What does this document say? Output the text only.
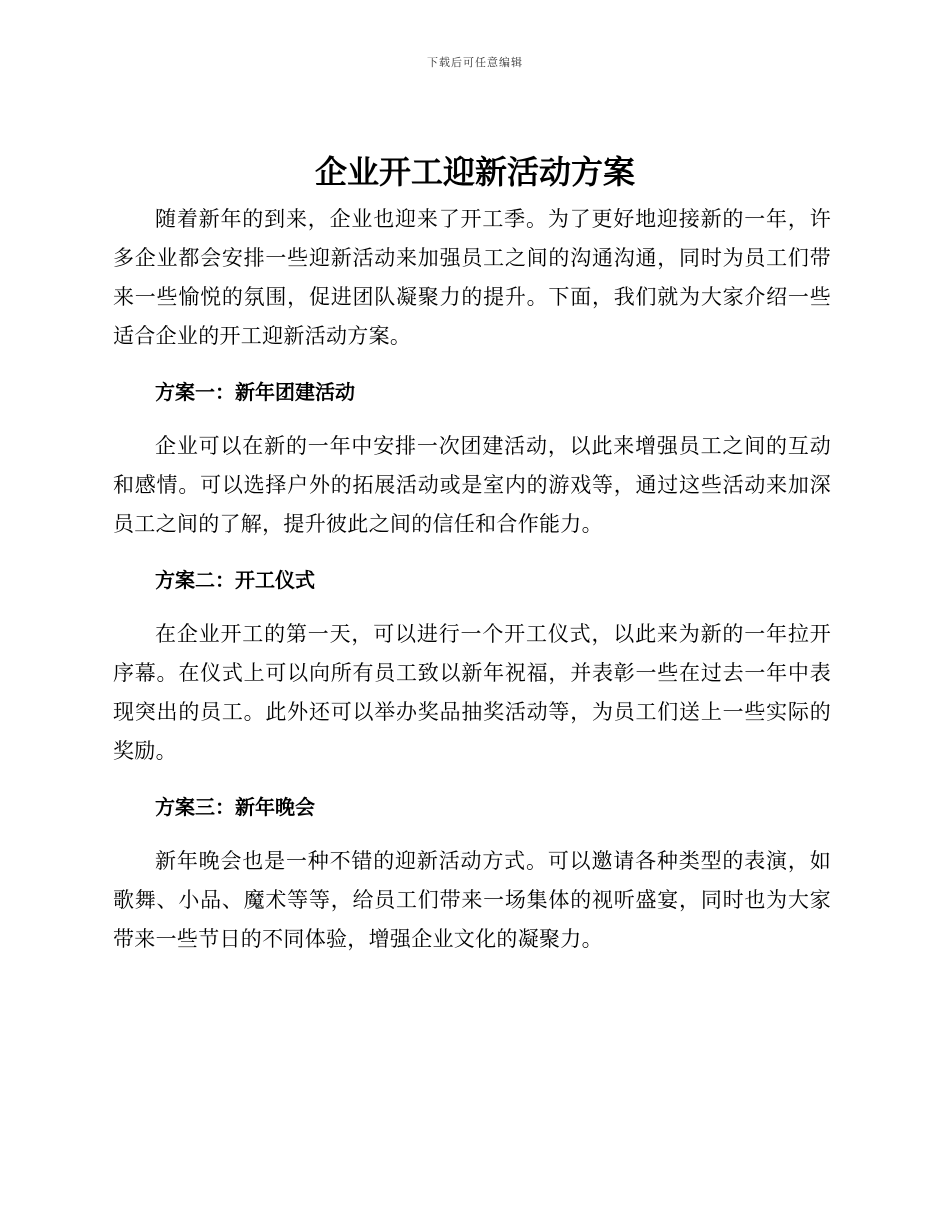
下载后可任意编辑
企业开工迎新活动方案

随着新年的到来，企业也迎来了开工季。为了更好地迎接新的一年，许多企业都会安排一些迎新活动来加强员工之间的沟通沟通，同时为员工们带来一些愉悦的氛围，促进团队凝聚力的提升。下面，我们就为大家介绍一些适合企业的开工迎新活动方案。

方案一：新年团建活动

企业可以在新的一年中安排一次团建活动，以此来增强员工之间的互动和感情。可以选择户外的拓展活动或是室内的游戏等，通过这些活动来加深员工之间的了解，提升彼此之间的信任和合作能力。

方案二：开工仪式

在企业开工的第一天，可以进行一个开工仪式，以此来为新的一年拉开序幕。在仪式上可以向所有员工致以新年祝福，并表彰一些在过去一年中表现突出的员工。此外还可以举办奖品抽奖活动等，为员工们送上一些实际的奖励。

方案三：新年晚会

新年晚会也是一种不错的迎新活动方式。可以邀请各种类型的表演，如歌舞、小品、魔术等等，给员工们带来一场集体的视听盛宴，同时也为大家带来一些节日的不同体验，增强企业文化的凝聚力。
